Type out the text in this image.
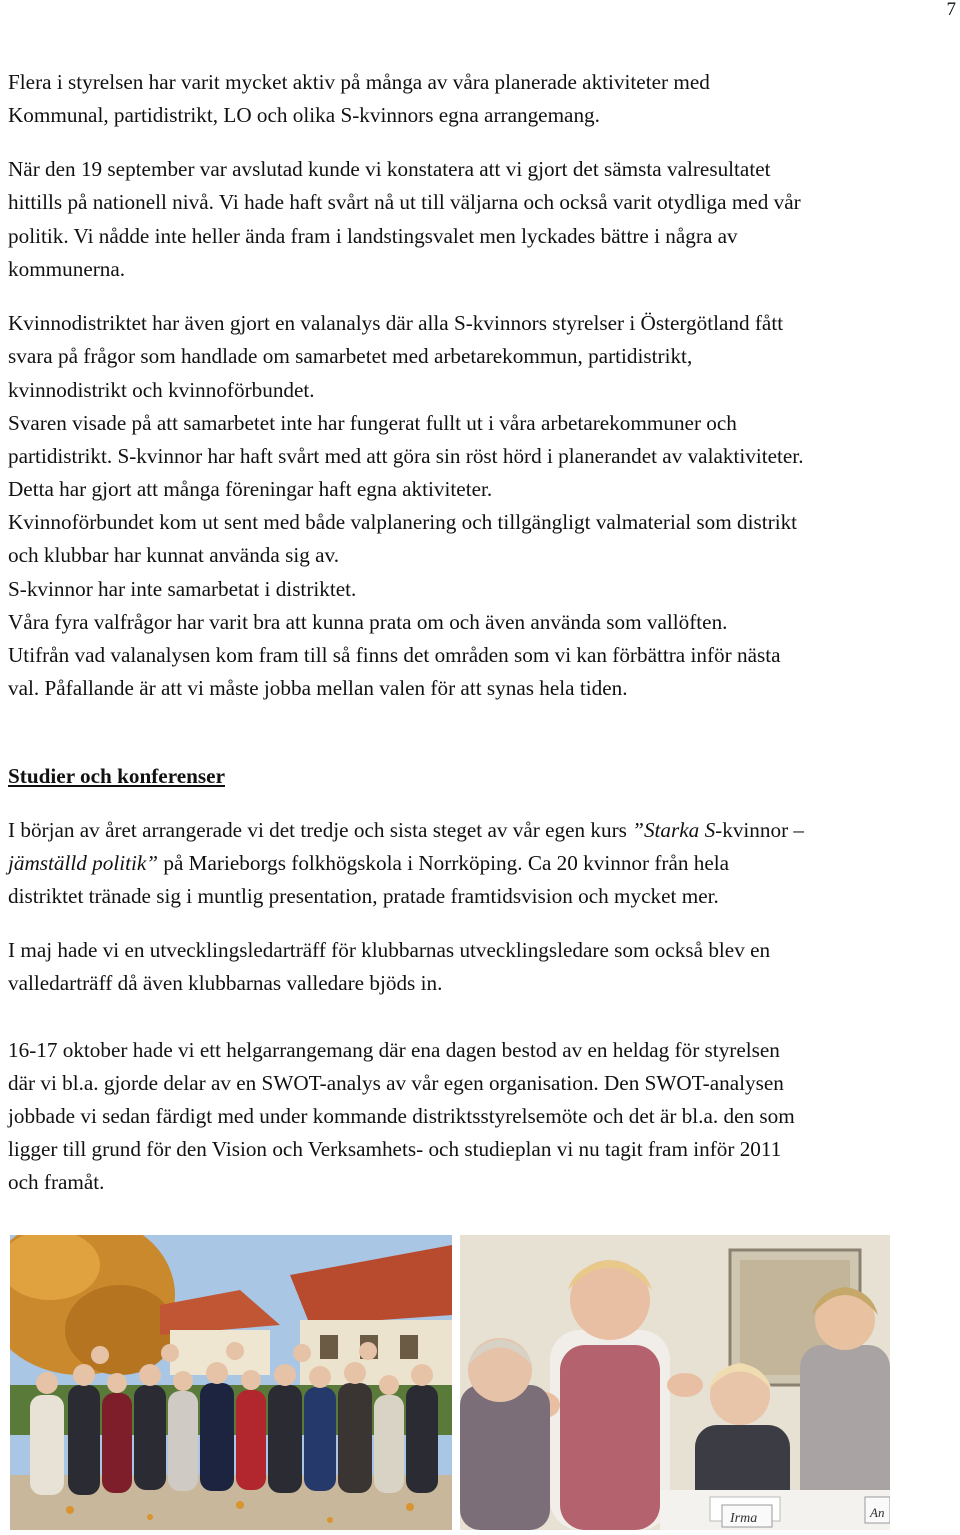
7

Flera i styrelsen har varit mycket aktiv på många av våra planerade aktiviteter med

Kommunal, partidistrikt, LO och olika S-kvinnors egna arrangemang.

När den 19 september var avslutad kunde vi konstatera att vi gjort det sämsta valresultatet

hittills på nationell nivå. Vi hade haft svårt nå ut till väljarna och också varit otydliga med vår

politik. Vi nådde inte heller ända fram i landstingsvalet men lyckades bättre i några av

kommunerna.

Kvinnodistriktet har även gjort en valanalys där alla S-kvinnors styrelser i Östergötland fått

svara på frågor som handlade om samarbetet med arbetarekommun, partidistrikt,

kvinnodistrikt och kvinnoförbundet.

Svaren visade på att samarbetet inte har fungerat fullt ut i våra arbetarekommuner och

partidistrikt. S-kvinnor har haft svårt med att göra sin röst hörd i planerandet av valaktiviteter.

Detta har gjort att många föreningar haft egna aktiviteter.

Kvinnoförbundet kom ut sent med både valplanering och tillgängligt valmaterial som distrikt

och klubbar har kunnat använda sig av.

S-kvinnor har inte samarbetat i distriktet.

Våra fyra valfrågor har varit bra att kunna prata om och även använda som vallöften.

Utifrån vad valanalysen kom fram till så finns det områden som vi kan förbättra inför nästa

val. Påfallande är att vi måste jobba mellan valen för att synas hela tiden.

Studier och konferenser

I början av året arrangerade vi det tredje och sista steget av vår egen kurs ”Starka S-kvinnor –

jämställd politik” på Marieborgs folkhögskola i Norrköping. Ca 20 kvinnor från hela

distriktet tränade sig i muntlig presentation, pratade framtidsvision och mycket mer.

I maj hade vi en utvecklingsledarträff för klubbarnas utvecklingsledare som också blev en

valledarträff då även klubbarnas valledare bjöds in.

16-17 oktober hade vi ett helgarrangemang där ena dagen bestod av en heldag för styrelsen

där vi bl.a. gjorde delar av en SWOT-analys av vår egen organisation. Den SWOT-analysen

jobbade vi sedan färdigt med under kommande distriktsstyrelsemöte och det är bl.a. den som

ligger till grund för den Vision och Verksamhets- och studieplan vi nu tagit fram inför 2011

och framåt.

Irma	An
